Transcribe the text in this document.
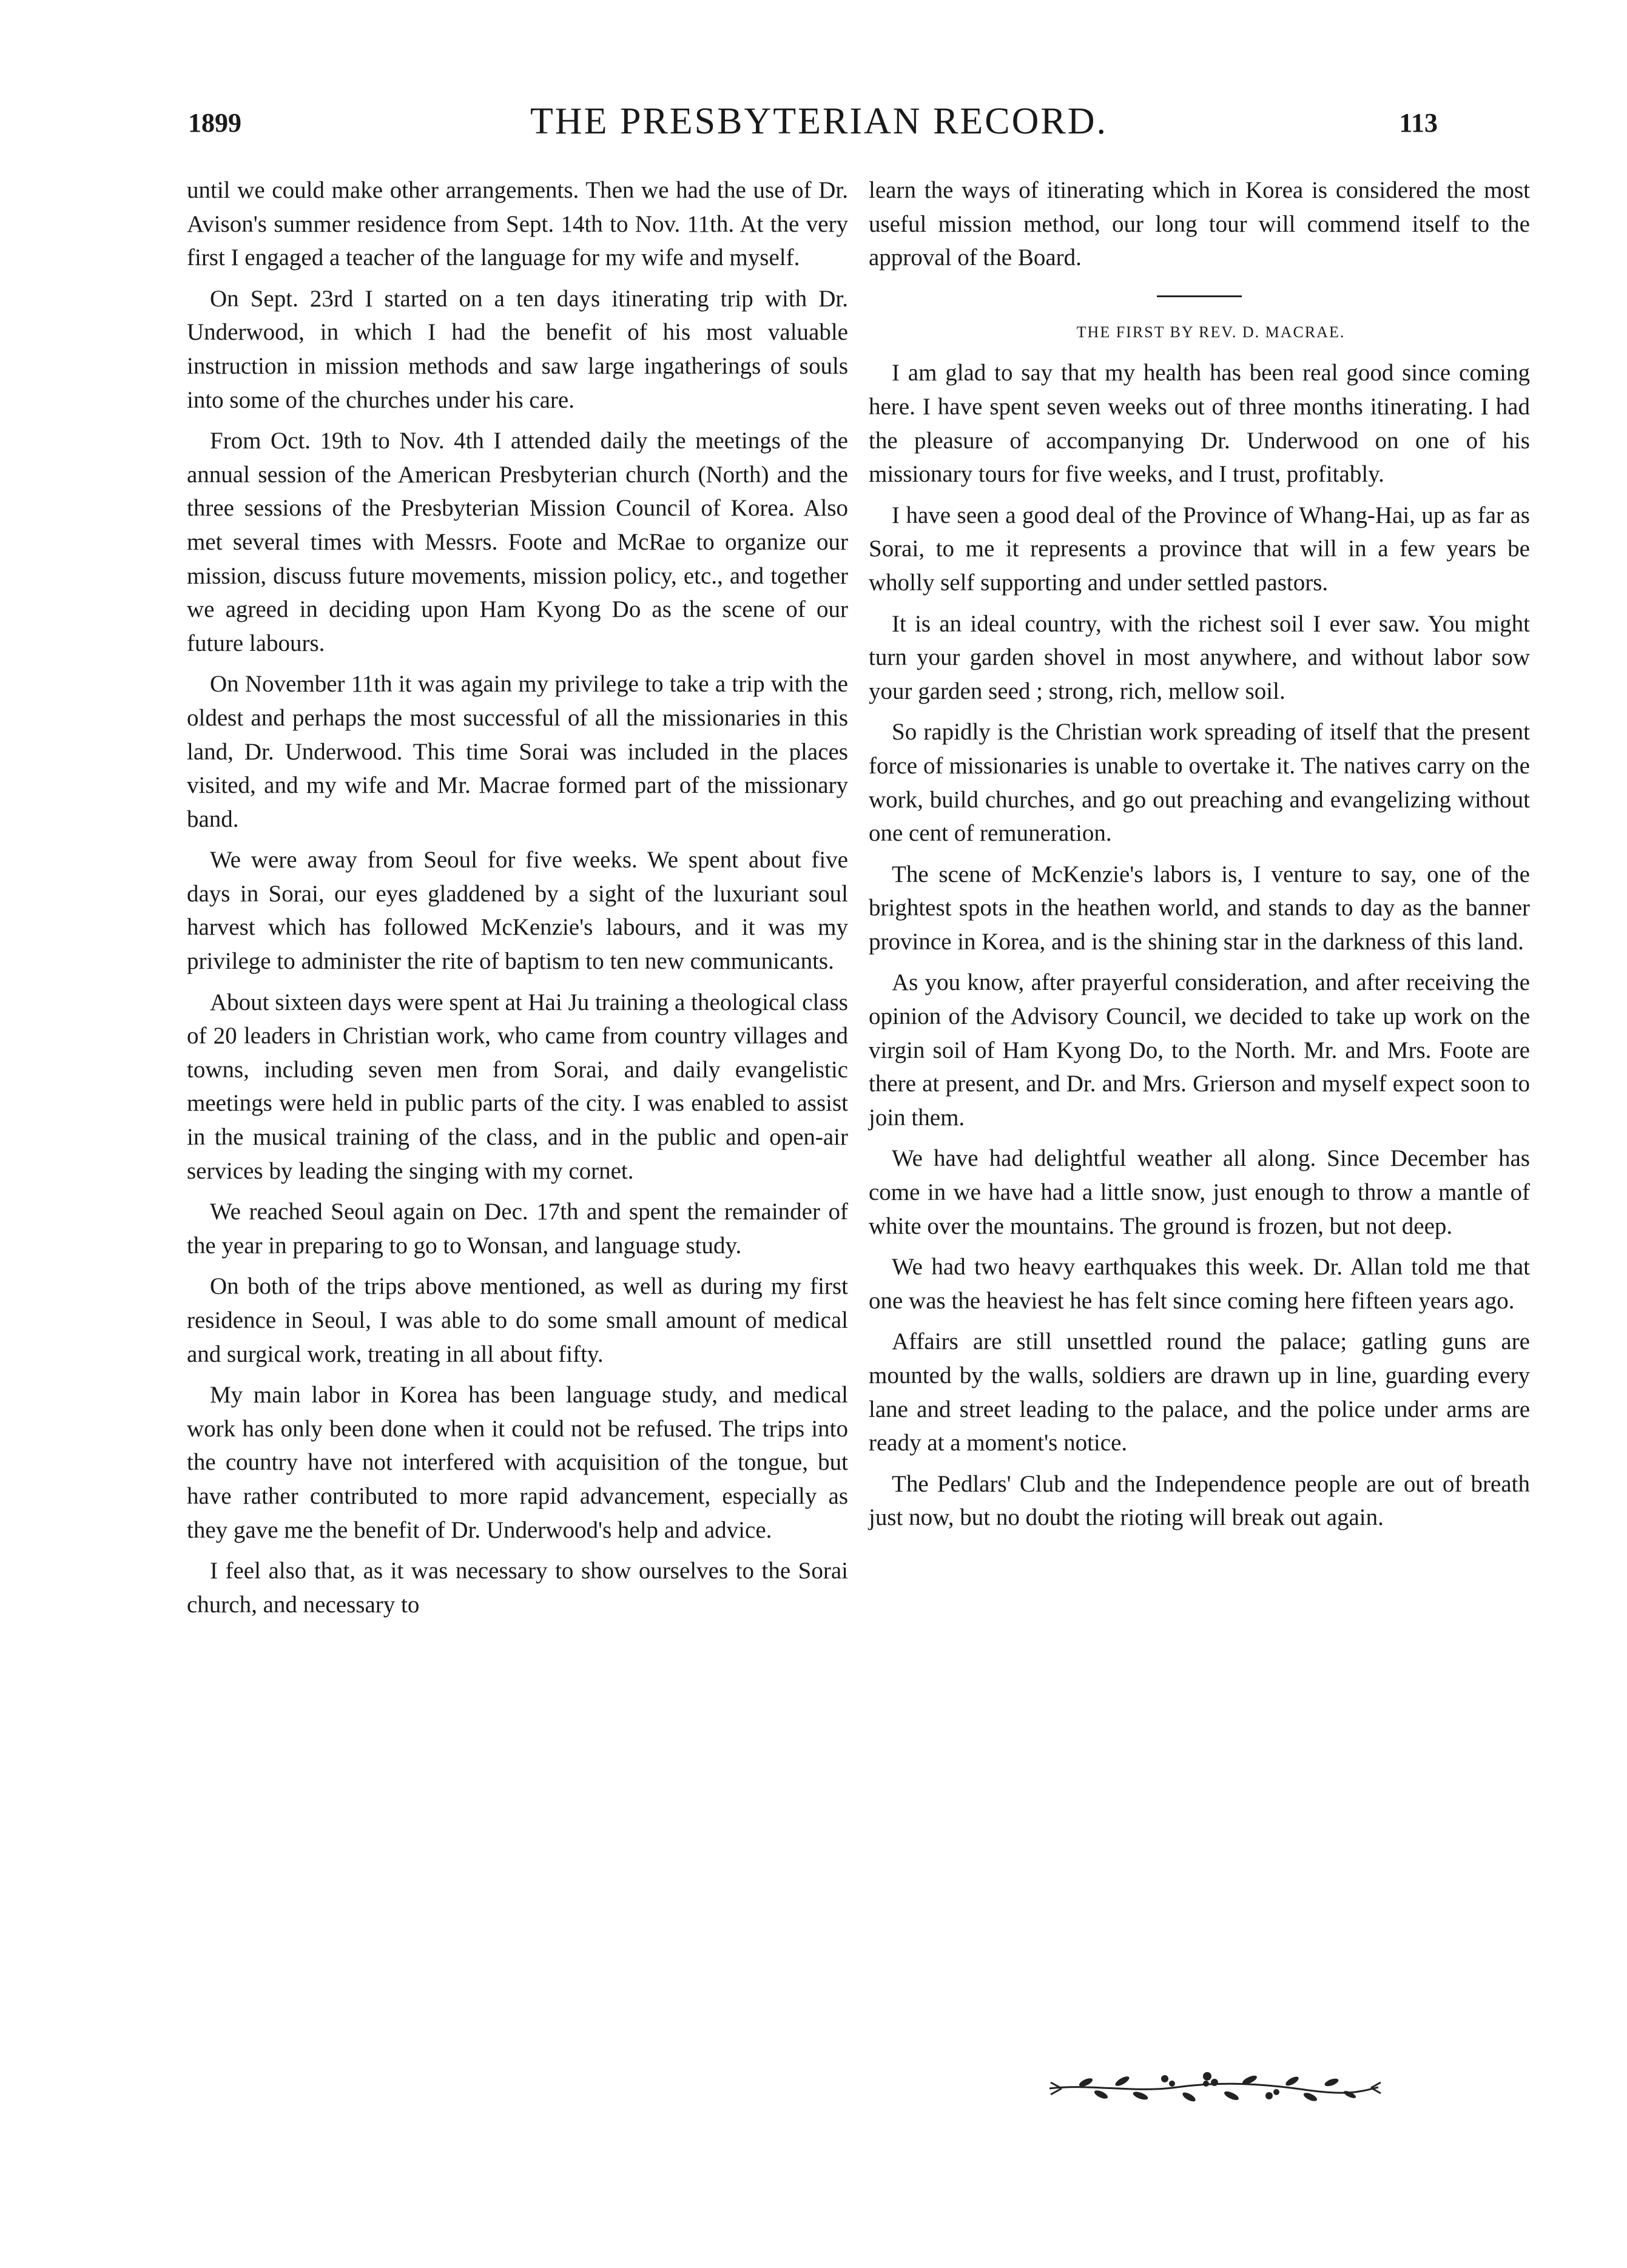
1899	THE PRESBYTERIAN RECORD.	113

until we could make other arrangements. Then we had the use of Dr. Avison's summer residence from Sept. 14th to Nov. 11th. At the very first I engaged a teacher of the language for my wife and myself.

On Sept. 23rd I started on a ten days itinerating trip with Dr. Underwood, in which I had the benefit of his most valuable instruction in mission methods and saw large ingatherings of souls into some of the churches under his care.

From Oct. 19th to Nov. 4th I attended daily the meetings of the annual session of the American Presbyterian church (North) and the three sessions of the Presbyterian Mission Council of Korea. Also met several times with Messrs. Foote and McRae to organize our mission, discuss future movements, mission policy, etc., and together we agreed in deciding upon Ham Kyong Do as the scene of our future labours.

On November 11th it was again my privilege to take a trip with the oldest and perhaps the most successful of all the missionaries in this land, Dr. Underwood. This time Sorai was included in the places visited, and my wife and Mr. Macrae formed part of the missionary band.

We were away from Seoul for five weeks. We spent about five days in Sorai, our eyes gladdened by a sight of the luxuriant soul harvest which has followed McKenzie's labours, and it was my privilege to administer the rite of baptism to ten new communicants.

About sixteen days were spent at Hai Ju training a theological class of 20 leaders in Christian work, who came from country villages and towns, including seven men from Sorai, and daily evangelistic meetings were held in public parts of the city. I was enabled to assist in the musical training of the class, and in the public and open-air services by leading the singing with my cornet.

We reached Seoul again on Dec. 17th and spent the remainder of the year in preparing to go to Wonsan, and language study.

On both of the trips above mentioned, as well as during my first residence in Seoul, I was able to do some small amount of medical and surgical work, treating in all about fifty.

My main labor in Korea has been language study, and medical work has only been done when it could not be refused. The trips into the country have not interfered with acquisition of the tongue, but have rather contributed to more rapid advancement, especially as they gave me the benefit of Dr. Underwood's help and advice.

I feel also that, as it was necessary to show ourselves to the Sorai church, and necessary to

learn the ways of itinerating which in Korea is considered the most useful mission method, our long tour will commend itself to the approval of the Board.

THE FIRST BY REV. D. MACRAE.

I am glad to say that my health has been real good since coming here. I have spent seven weeks out of three months itinerating. I had the pleasure of accompanying Dr. Underwood on one of his missionary tours for five weeks, and I trust, profitably.

I have seen a good deal of the Province of Whang-Hai, up as far as Sorai, to me it represents a province that will in a few years be wholly self supporting and under settled pastors.

It is an ideal country, with the richest soil I ever saw. You might turn your garden shovel in most anywhere, and without labor sow your garden seed ; strong, rich, mellow soil.

So rapidly is the Christian work spreading of itself that the present force of missionaries is unable to overtake it. The natives carry on the work, build churches, and go out preaching and evangelizing without one cent of remuneration.

The scene of McKenzie's labors is, I venture to say, one of the brightest spots in the heathen world, and stands to day as the banner province in Korea, and is the shining star in the darkness of this land.

As you know, after prayerful consideration, and after receiving the opinion of the Advisory Council, we decided to take up work on the virgin soil of Ham Kyong Do, to the North. Mr. and Mrs. Foote are there at present, and Dr. and Mrs. Grierson and myself expect soon to join them.

We have had delightful weather all along. Since December has come in we have had a little snow, just enough to throw a mantle of white over the mountains. The ground is frozen, but not deep.

We had two heavy earthquakes this week. Dr. Allan told me that one was the heaviest he has felt since coming here fifteen years ago.

Affairs are still unsettled round the palace; gatling guns are mounted by the walls, soldiers are drawn up in line, guarding every lane and street leading to the palace, and the police under arms are ready at a moment's notice.

The Pedlars' Club and the Independence people are out of breath just now, but no doubt the rioting will break out again.
